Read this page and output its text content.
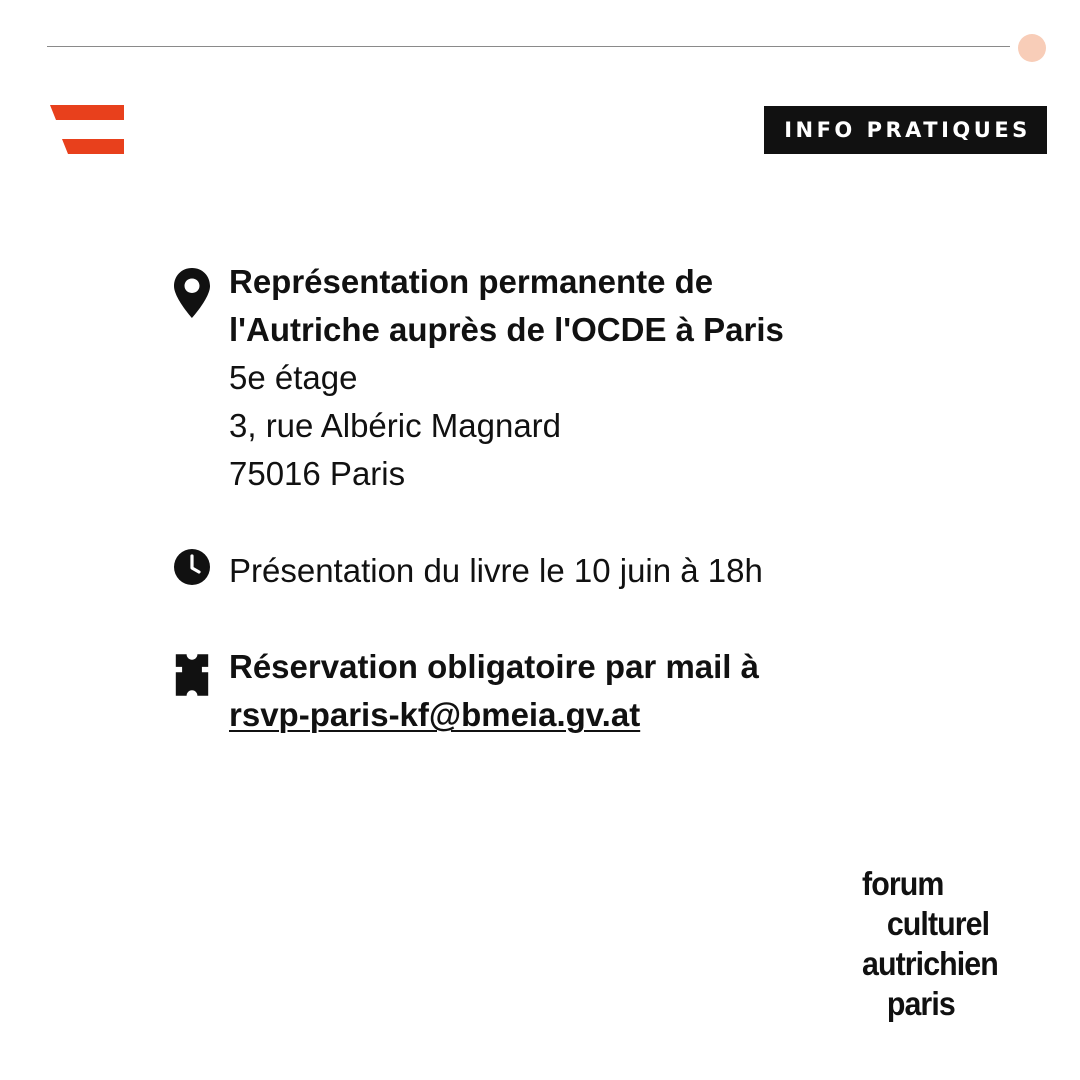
INFO PRATIQUES
Représentation permanente de
l'Autriche auprès de l'OCDE à Paris
5e étage
3, rue Albéric Magnard
75016 Paris
Présentation du livre le 10 juin à 18h
Réservation obligatoire par mail à
rsvp-paris-kf@bmeia.gv.at
forum
culturel
autrichien
paris
